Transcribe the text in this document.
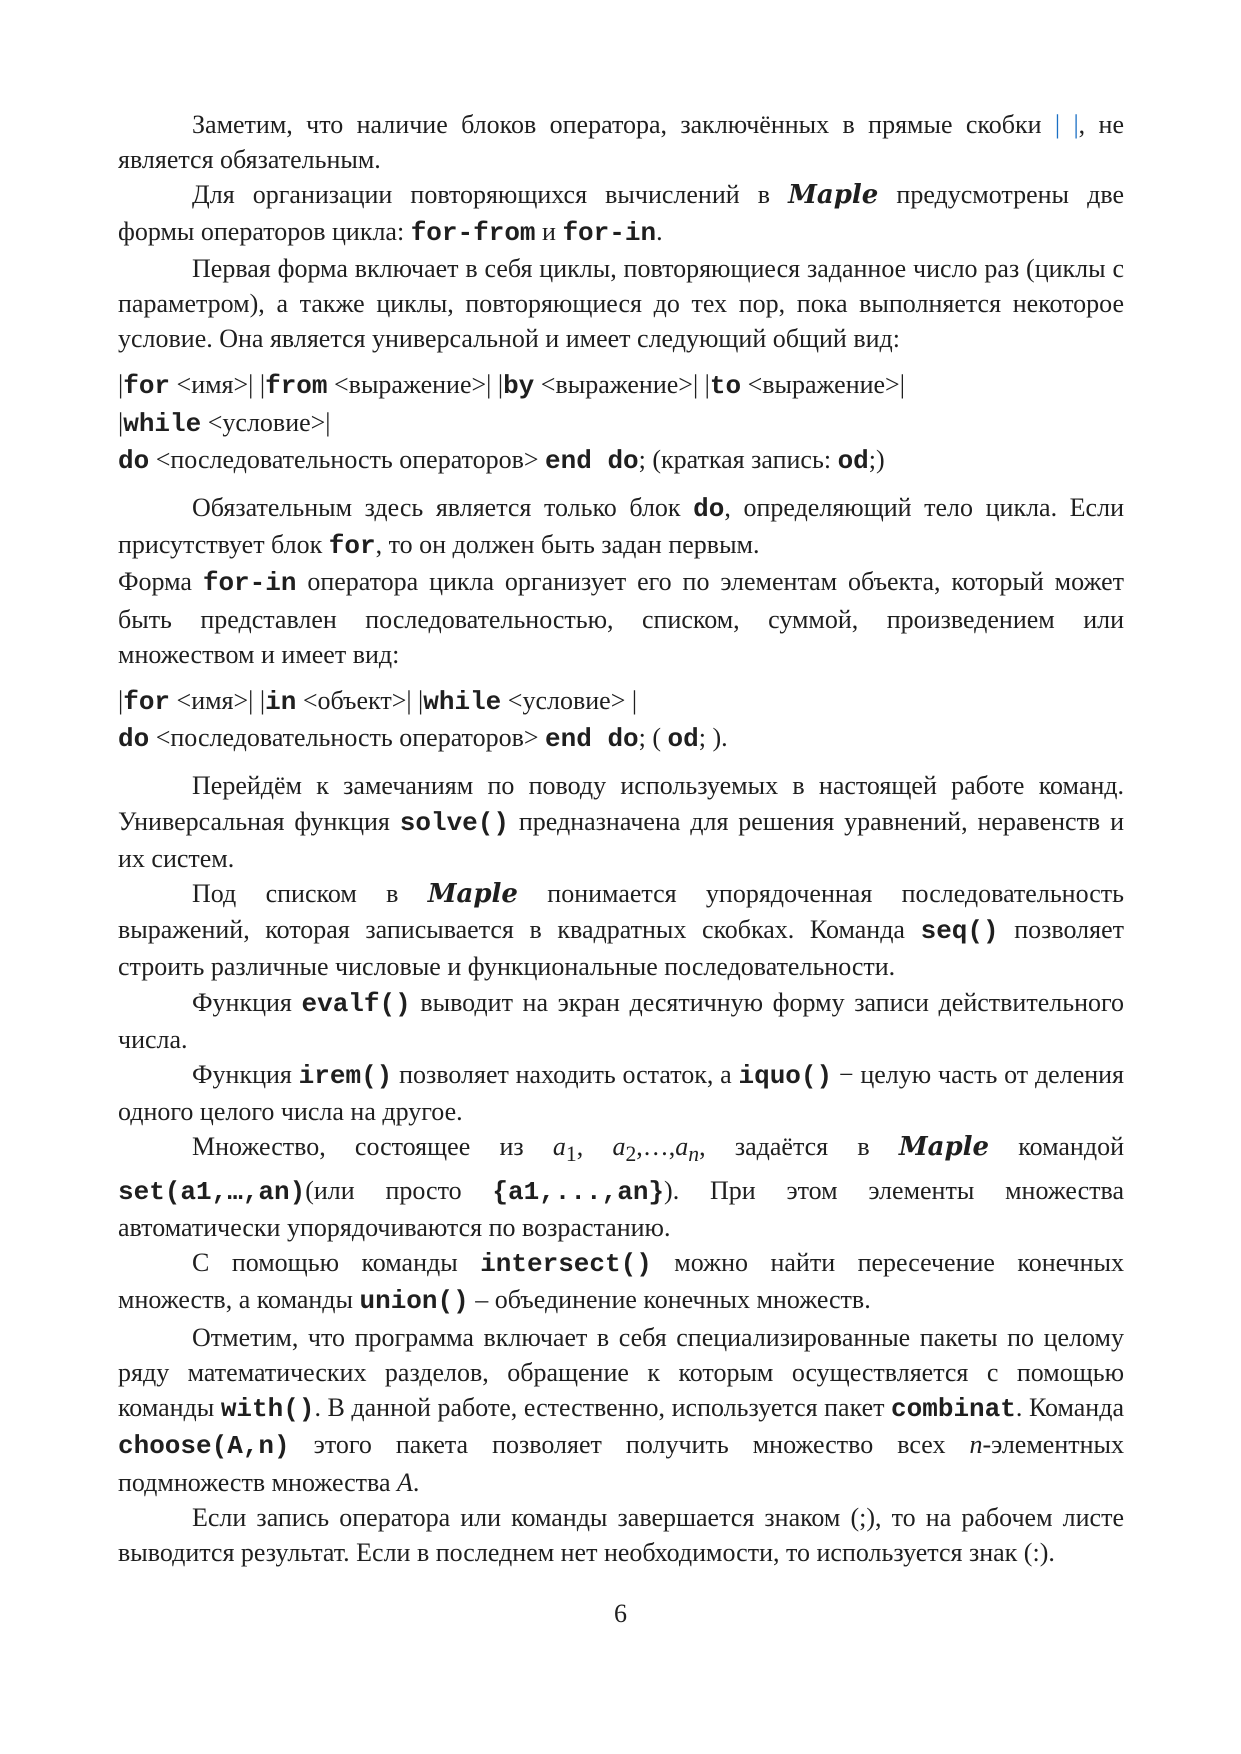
Заметим, что наличие блоков оператора, заключённых в прямые скобки | |, не является обязательным.

Для организации повторяющихся вычислений в Maple предусмотрены две формы операторов цикла: for-from и for-in.

Первая форма включает в себя циклы, повторяющиеся заданное число раз (циклы с параметром), а также циклы, повторяющиеся до тех пор, пока выполняется некоторое условие. Она является универсальной и имеет следующий общий вид:

|for <имя>| |from <выражение>| |by <выражение>| |to <выражение>|
|while <условие>|
do <последовательность операторов> end do; (краткая запись: od;)

Обязательным здесь является только блок do, определяющий тело цикла. Если присутствует блок for, то он должен быть задан первым.

Форма for-in оператора цикла организует его по элементам объекта, который может быть представлен последовательностью, списком, суммой, произведением или множеством и имеет вид:

|for <имя>| |in <объект>| |while <условие> |
do <последовательность операторов> end do; ( od; ).

Перейдём к замечаниям по поводу используемых в настоящей работе команд. Универсальная функция solve() предназначена для решения уравнений, неравенств и их систем.

Под списком в Maple понимается упорядоченная последовательность выражений, которая записывается в квадратных скобках. Команда seq() позволяет строить различные числовые и функциональные последовательности.

Функция evalf() выводит на экран десятичную форму записи действительного числа.

Функция irem() позволяет находить остаток, а iquo() − целую часть от деления одного целого числа на другое.

Множество, состоящее из $a_1$, $a_2,\dots,a_n$, задаётся в Maple командой set(a1,…,an)(или просто {a1,...,an}). При этом элементы множества автоматически упорядочиваются по возрастанию.

С помощью команды intersect() можно найти пересечение конечных множеств, а команды union() – объединение конечных множеств.

Отметим, что программа включает в себя специализированные пакеты по целому ряду математических разделов, обращение к которым осуществляется с помощью команды with(). В данной работе, естественно, используется пакет combinat. Команда choose(A,n) этого пакета позволяет получить множество всех n-элементных подмножеств множества A.

Если запись оператора или команды завершается знаком (;), то на рабочем листе выводится результат. Если в последнем нет необходимости, то используется знак (:).

6
